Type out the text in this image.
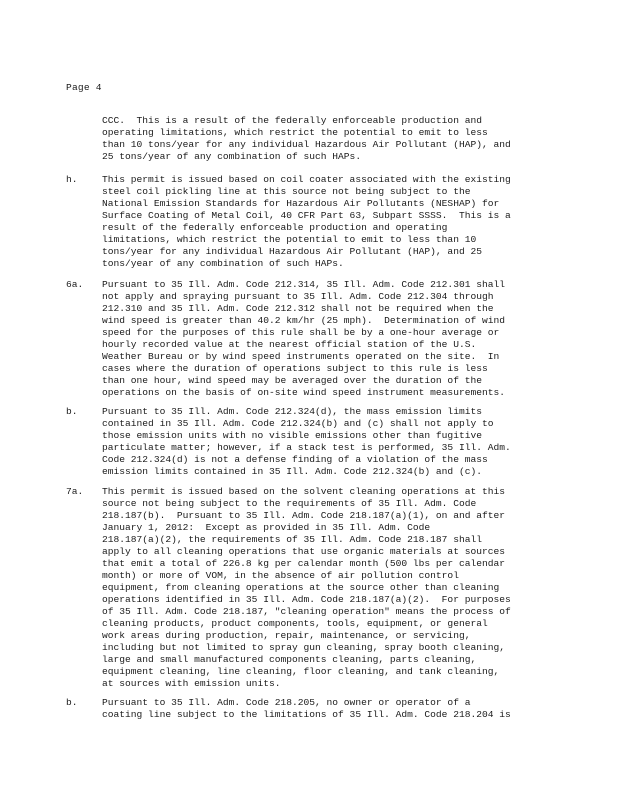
Page 4
CCC.  This is a result of the federally enforceable production and
operating limitations, which restrict the potential to emit to less
than 10 tons/year for any individual Hazardous Air Pollutant (HAP), and
25 tons/year of any combination of such HAPs.
h.	This permit is issued based on coil coater associated with the existing
steel coil pickling line at this source not being subject to the
National Emission Standards for Hazardous Air Pollutants (NESHAP) for
Surface Coating of Metal Coil, 40 CFR Part 63, Subpart SSSS.  This is a
result of the federally enforceable production and operating
limitations, which restrict the potential to emit to less than 10
tons/year for any individual Hazardous Air Pollutant (HAP), and 25
tons/year of any combination of such HAPs.
6a. Pursuant to 35 Ill. Adm. Code 212.314, 35 Ill. Adm. Code 212.301 shall
not apply and spraying pursuant to 35 Ill. Adm. Code 212.304 through
212.310 and 35 Ill. Adm. Code 212.312 shall not be required when the
wind speed is greater than 40.2 km/hr (25 mph).  Determination of wind
speed for the purposes of this rule shall be by a one-hour average or
hourly recorded value at the nearest official station of the U.S.
Weather Bureau or by wind speed instruments operated on the site.  In
cases where the duration of operations subject to this rule is less
than one hour, wind speed may be averaged over the duration of the
operations on the basis of on-site wind speed instrument measurements.
b.	Pursuant to 35 Ill. Adm. Code 212.324(d), the mass emission limits
contained in 35 Ill. Adm. Code 212.324(b) and (c) shall not apply to
those emission units with no visible emissions other than fugitive
particulate matter; however, if a stack test is performed, 35 Ill. Adm.
Code 212.324(d) is not a defense finding of a violation of the mass
emission limits contained in 35 Ill. Adm. Code 212.324(b) and (c).
7a. This permit is issued based on the solvent cleaning operations at this
source not being subject to the requirements of 35 Ill. Adm. Code
218.187(b).  Pursuant to 35 Ill. Adm. Code 218.187(a)(1), on and after
January 1, 2012:  Except as provided in 35 Ill. Adm. Code
218.187(a)(2), the requirements of 35 Ill. Adm. Code 218.187 shall
apply to all cleaning operations that use organic materials at sources
that emit a total of 226.8 kg per calendar month (500 lbs per calendar
month) or more of VOM, in the absence of air pollution control
equipment, from cleaning operations at the source other than cleaning
operations identified in 35 Ill. Adm. Code 218.187(a)(2).  For purposes
of 35 Ill. Adm. Code 218.187, "cleaning operation" means the process of
cleaning products, product components, tools, equipment, or general
work areas during production, repair, maintenance, or servicing,
including but not limited to spray gun cleaning, spray booth cleaning,
large and small manufactured components cleaning, parts cleaning,
equipment cleaning, line cleaning, floor cleaning, and tank cleaning,
at sources with emission units.
b.	Pursuant to 35 Ill. Adm. Code 218.205, no owner or operator of a
coating line subject to the limitations of 35 Ill. Adm. Code 218.204 is
